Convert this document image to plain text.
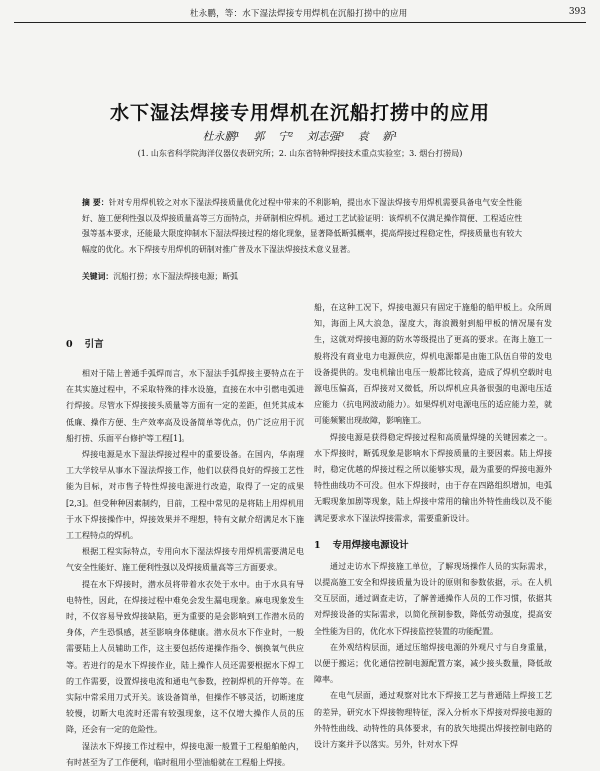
杜永鹏，等：水下湿法焊接专用焊机在沉船打捞中的应用	393
水下湿法焊接专用焊机在沉船打捞中的应用
杜永鹏¹ 郭 宁² 刘志强³ 袁 新¹
(1. 山东省科学院海洋仪器仪表研究所；2. 山东省特种焊接技术重点实验室；3. 烟台打捞局)
摘 要：针对专用焊机较之对水下湿法焊接质量优化过程中带来的不利影响，提出水下湿法焊接专用焊机需要具备电气安全性能好、施工便利性强以及焊接质量高等三方面特点，并研制相应焊机。通过工艺试验证明：该焊机不仅满足操作简便、工程适应性强等基本要求，还能最大限度抑制水下湿法焊接过程的熔化现象，显著降低断弧概率，提高焊接过程稳定性，焊接质量也有较大幅度的优化。水下焊接专用焊机的研制对推广普及水下湿法焊接技术意义显著。
关键词：沉船打捞；水下湿法焊接电源；断弧
0 引言

相对于陆上普通手弧焊而言，水下湿法手弧焊接主要特点在于在其实施过程中，不采取特殊的排水设施，直接在水中引燃电弧进行焊接。尽管水下焊接接头质量等方面有一定的差距，但凭其成本低廉、操作方便、生产效率高及设备简单等优点，仍广泛应用于沉船打捞、乐面平台修护等工程[1]。

焊接电源是水下湿法焊接过程中的重要设备。在国内，华南理工大学较早从事水下湿法焊接工作，他们以获得良好的焊接工艺性能为目标，对市售子特性焊接电源进行改造，取得了一定的成果[2,3]。但受种种因素制约，目前，工程中常见的是将陆上用焊机用于水下焊接操作中，焊接效果并不理想，特有文献介绍满足水下施工工程特点的焊机。

根据工程实际特点，专用向水下湿法焊接专用焊机需要满足电气安全性能好、施工便利性强以及焊接质量高等三方面要求。

提在水下焊接时，潜水员将带着水衣处于水中。由于水具有导电特性，因此，在焊接过程中难免会发生漏电现象。麻电现象发生时，不仅容易导致焊接缺陷，更为重要的是会影响到工作潜水员的身体，产生恐惧感，甚至影响身体健康。潜水员水下作业时，一般需要陆上人员辅助工作，这主要包括传递操作指令、倒换氧气供应等。若进行的是水下焊接作业，陆上操作人员还需要根据水下焊工的工作需要，设置焊接电流和通电气参数，控制焊机的开停等。在实际中常采用刀式开关。该设备简单，但操作不够灵活，切断速度较慢，切断大电流时还需有较强现象，这不仅增大操作人员的压降，还会有一定的危险性。

湿法水下焊接工作过程中，焊接电源一般置于工程船舶舱内，有时甚至为了工作便利，临时租用小型油船就在工程船上焊接。

船，在这种工况下，焊接电源只有固定于施船的船甲板上。众所周知，海面上风大浪急，湿度大，海浪溅射到船甲板的情况屡有发生，这就对焊接电源的防水等级提出了更高的要求。在海上施工一般将没有商业电力电源供应，焊机电源都是由施工队伍自带的发电设备提供的。发电机输出电压一般都比较高，造成了焊机空载时电源电压偏高，百焊接对又微低，所以焊机应具备很强的电源电压适应能力（抗电网波动能力）。如果焊机对电源电压的适应能力差，就可能频繁出现故障，影响施工。

焊接电源是获得稳定焊接过程和高质量焊缝的关键因素之一。水下焊接时，断弧现象是影响水下焊接质量的主要因素。陆上焊接时，稳定优越的焊接过程之所以能够实现，最为重要的焊接电源外特性曲线功不可没。但水下焊接时，由于存在四路组织增加，电弧无暇现象加剧等现象，陆上焊接中常用的输出外特性曲线以及不能满足要求水下湿法焊接需求，需要重新设计。

1 专用焊接电源设计

通过走访水下焊接施工单位，了解现场操作人员的实际需求，以提高施工安全和焊接质量为设计的原则和参数依据，示。在人机交互层面，通过调查走访，了解普通操作人员的工作习惯，依据其对焊接设备的实际需求，以简化预制参数，降低劳动强度，提高安全性能为目的，优化水下焊接监控装置的功能配置。

在外观结构层面，通过压缩焊接电源的外观尺寸与自身重量，以便于搬运；优化通信控制电源配置方案，减少接头数量，降低故障率。

在电气层面，通过观察对比水下焊接工艺与普通陆上焊接工艺的差异，研究水下焊接物理特征，深入分析水下焊接对焊接电源的外特性曲线、动特性的具体要求，有的放矢地提出焊接控制电路的设计方案并予以落实。另外，针对水下焊
